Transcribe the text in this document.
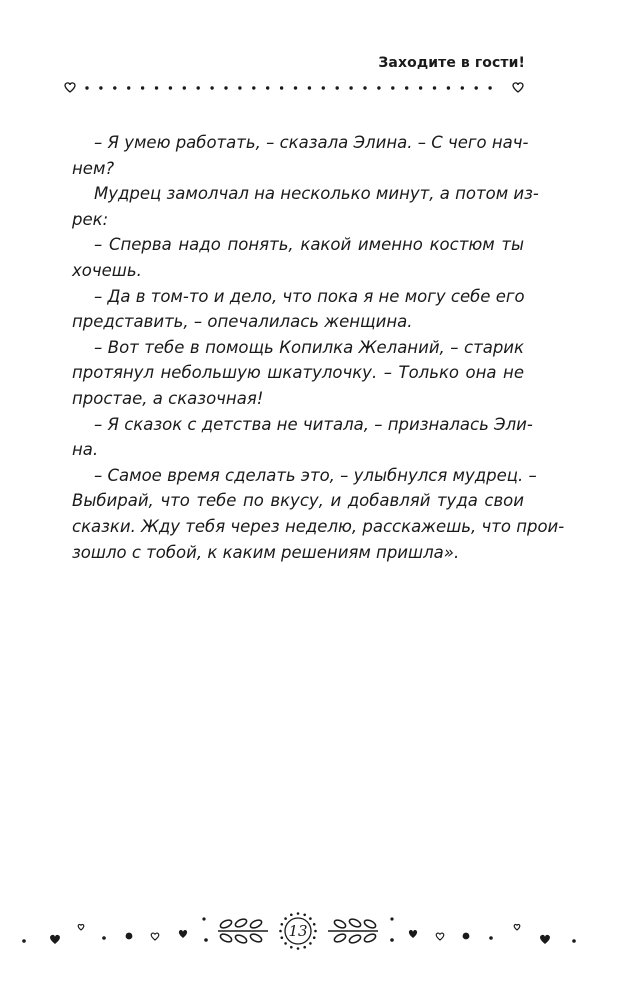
Заходите в гости!
– Я умею работать, – сказала Элина. – С чего нач-
нем?
Мудрец замолчал на несколько минут, а потом из-
рек:
– Сперва надо понять, какой именно костюм ты
хочешь.
– Да в том-то и дело, что пока я не могу себе его
представить, – опечалилась женщина.
– Вот тебе в помощь Копилка Желаний, – старик
протянул небольшую шкатулочку. – Только она не
простае, а сказочная!
– Я сказок с детства не читала, – призналась Эли-
на.
– Самое время сделать это, – улыбнулся мудрец. –
Выбирай, что тебе по вкусу, и добавляй туда свои
сказки. Жду тебя через неделю, расскажешь, что прои-
зошло с тобой, к каким решениям пришла».
13
